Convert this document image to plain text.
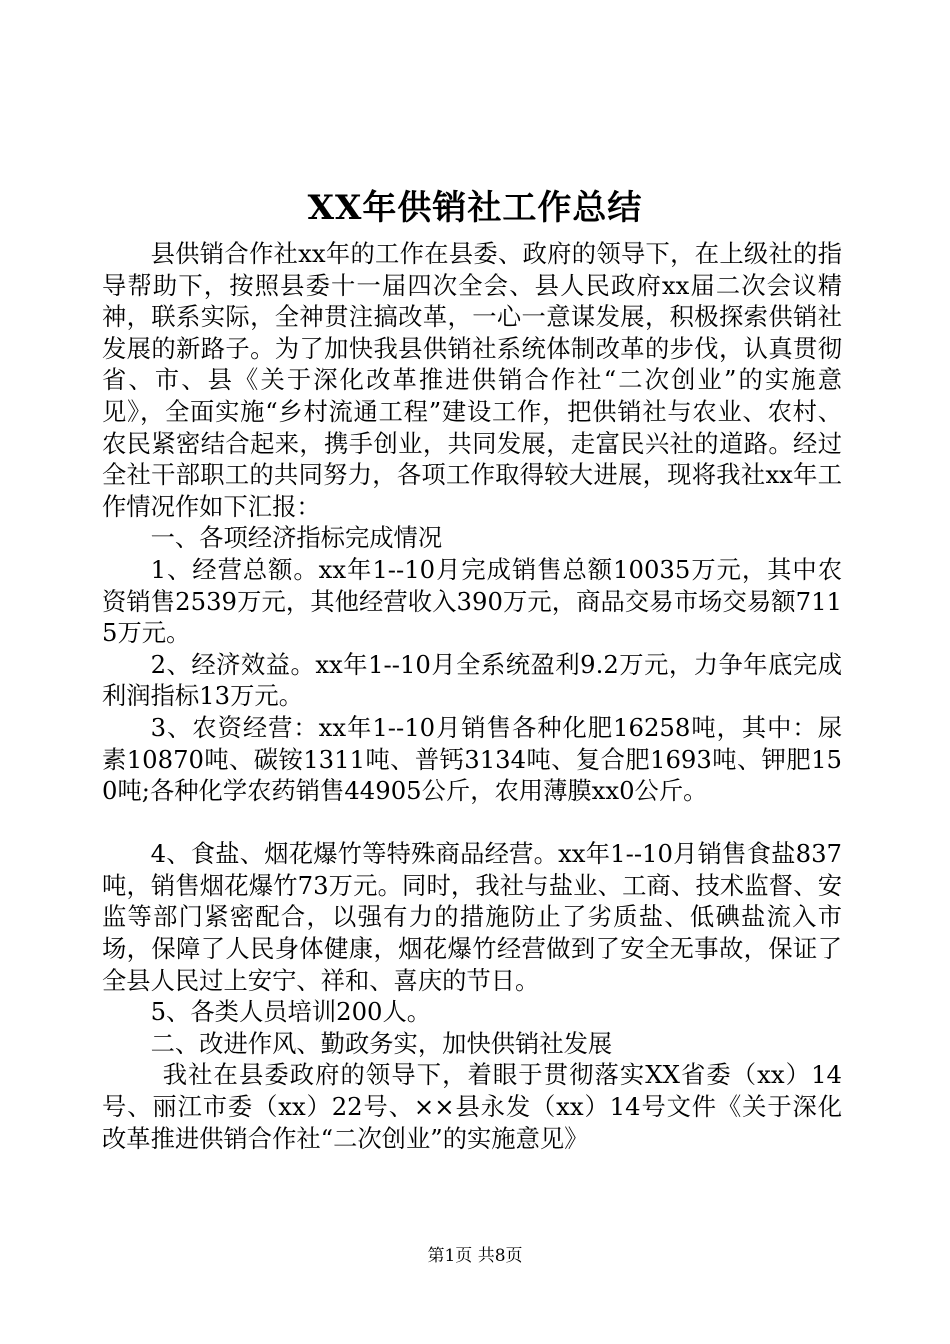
XX年供销社工作总结

县供销合作社xx年的工作在县委、政府的领导下，在上级社的指导帮助下，按照县委十一届四次全会、县人民政府xx届二次会议精神，联系实际，全神贯注搞改革，一心一意谋发展，积极探索供销社发展的新路子。为了加快我县供销社系统体制改革的步伐，认真贯彻省、市、县《关于深化改革推进供销合作社“二次创业”的实施意见》，全面实施“乡村流通工程”建设工作，把供销社与农业、农村、农民紧密结合起来，携手创业，共同发展，走富民兴社的道路。经过全社干部职工的共同努力，各项工作取得较大进展，现将我社xx年工作情况作如下汇报：

一、各项经济指标完成情况

1、经营总额。xx年1--10月完成销售总额10035万元，其中农资销售2539万元，其他经营收入390万元，商品交易市场交易额7115万元。

2、经济效益。xx年1--10月全系统盈利9.2万元，力争年底完成利润指标13万元。

3、农资经营：xx年1--10月销售各种化肥16258吨，其中：尿素10870吨、碳铵1311吨、普钙3134吨、复合肥1693吨、钾肥150吨;各种化学农药销售44905公斤，农用薄膜xx0公斤。

4、食盐、烟花爆竹等特殊商品经营。xx年1--10月销售食盐837吨，销售烟花爆竹73万元。同时，我社与盐业、工商、技术监督、安监等部门紧密配合，以强有力的措施防止了劣质盐、低碘盐流入市场，保障了人民身体健康，烟花爆竹经营做到了安全无事故，保证了全县人民过上安宁、祥和、喜庆的节日。

5、各类人员培训200人。

二、改进作风、勤政务实，加快供销社发展

我社在县委政府的领导下，着眼于贯彻落实XX省委（xx）14号、丽江市委（xx）22号、××县永发（xx）14号文件《关于深化改革推进供销合作社“二次创业”的实施意见》

第1页 共8页
